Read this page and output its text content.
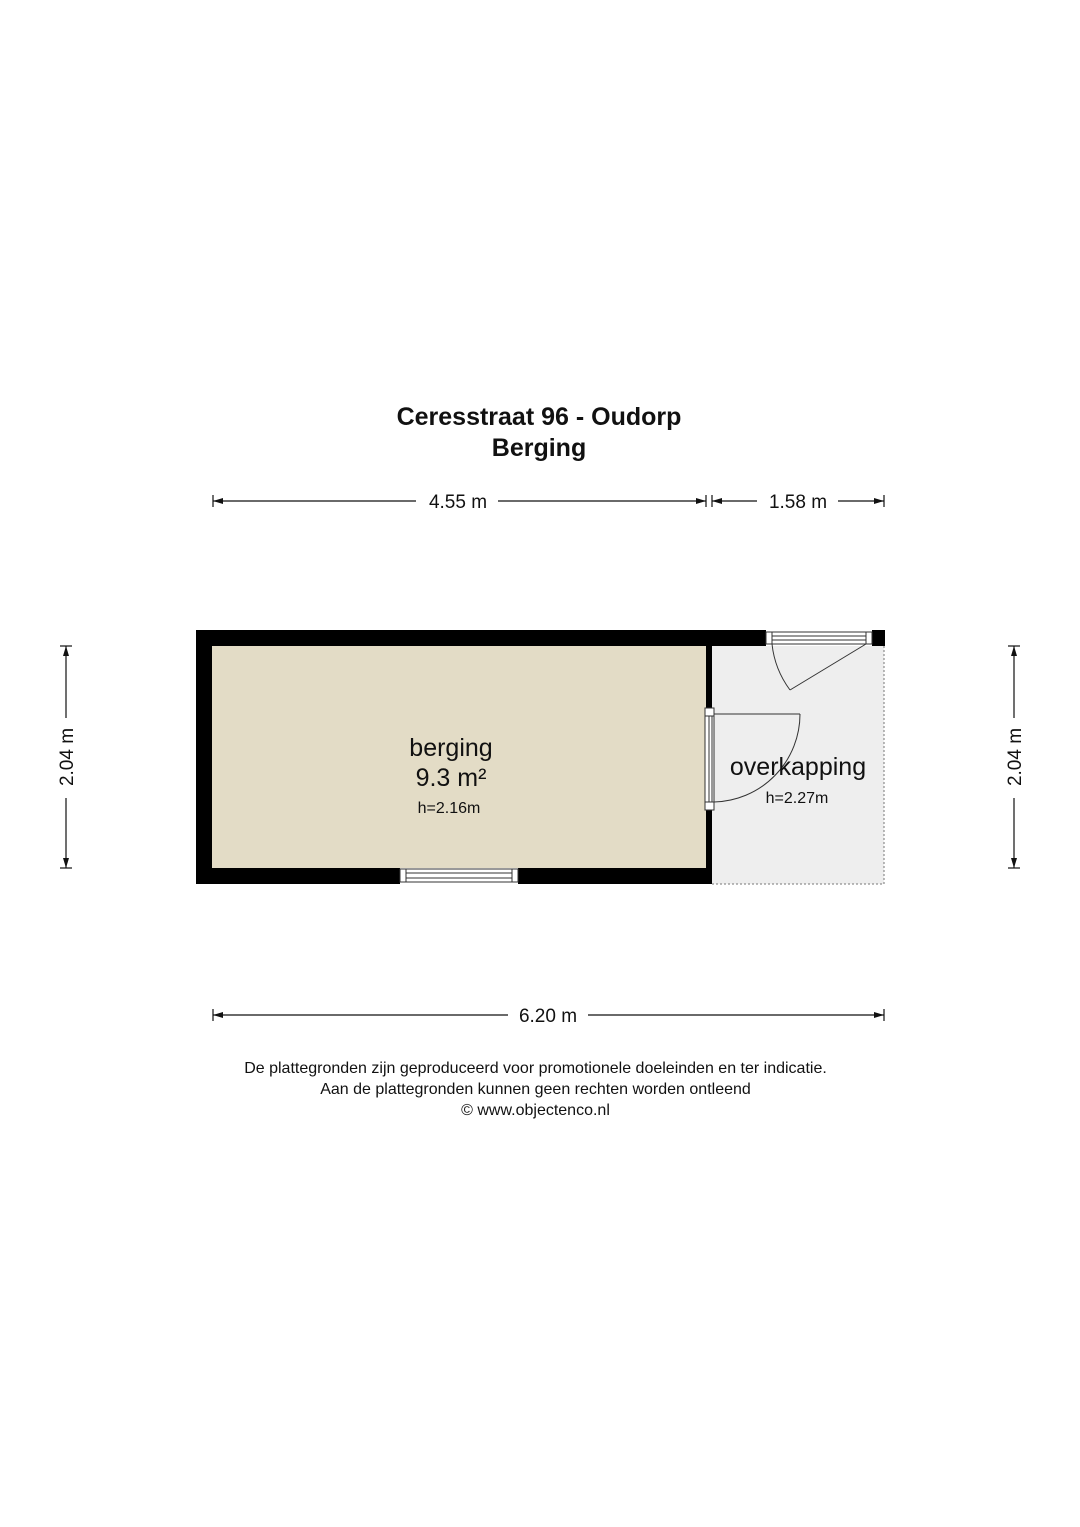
Ceresstraat 96 - Oudorp
Berging
berging
9.3 m²
h=2.16m
overkapping
h=2.27m
4.55 m	1.58 m
2.04 m	2.04 m
6.20 m
De plattegronden zijn geproduceerd voor promotionele doeleinden en ter indicatie.
Aan de plattegronden kunnen geen rechten worden ontleend
© www.objectenco.nl
